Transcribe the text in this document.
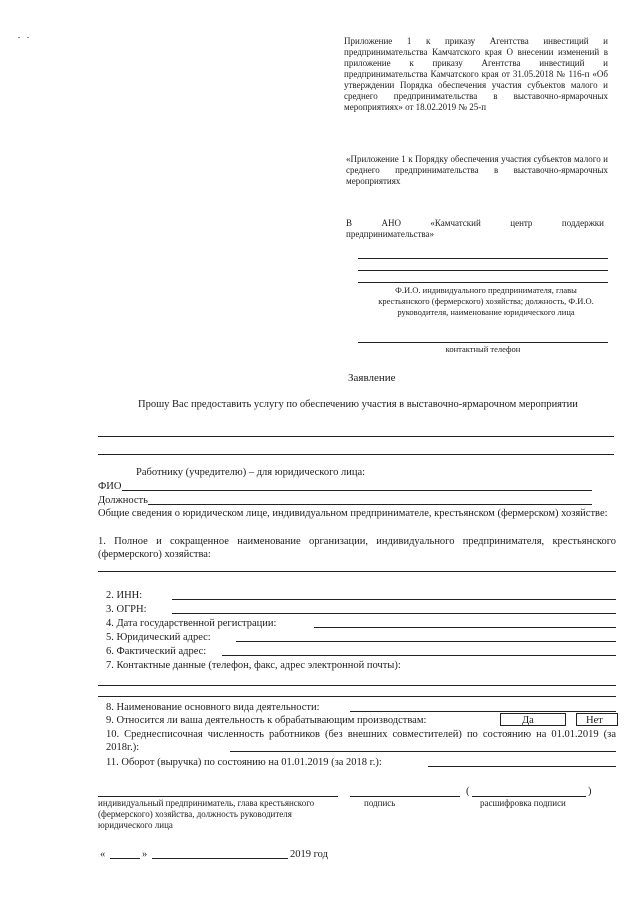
Приложение 1 к приказу Агентства инвестиций и предпринимательства Камчатского края О внесении изменений в приложение к приказу Агентства инвестиций и предпринимательства Камчатского края от 31.05.2018 № 116-п «Об утверждении Порядка обеспечения участия субъектов малого и среднего предпринимательства в выставочно-ярмарочных мероприятиях» от 18.02.2019 № 25-п
«Приложение 1 к Порядку обеспечения участия субъектов малого и среднего предпринимательства в выставочно-ярмарочных мероприятиях
В АНО «Камчатский центр поддержки предпринимательства»
Ф.И.О. индивидуального предпринимателя, главы крестьянского (фермерского) хозяйства; должность, Ф.И.О. руководителя, наименование юридического лица
контактный телефон
Заявление
Прошу Вас предоставить услугу по обеспечению участия в выставочно-ярмарочном мероприятии
Работнику (учредителю) – для юридического лица:
ФИО
Должность
Общие сведения о юридическом лице, индивидуальном предпринимателе, крестьянском (фермерском) хозяйстве:
1. Полное и сокращенное наименование организации, индивидуального предпринимателя, крестьянского (фермерского) хозяйства:
2. ИНН:
3. ОГРН:
4. Дата государственной регистрации:
5. Юридический адрес:
6. Фактический адрес:
7. Контактные данные (телефон, факс, адрес электронной почты):
8. Наименование основного вида деятельности:
9. Относится ли ваша деятельность к обрабатывающим производствам:	Да	Нет
10. Среднесписочная численность работников (без внешних совместителей) по состоянию на 01.01.2019 (за 2018г.):
11. Оборот (выручка) по состоянию на 01.01.2019 (за 2018 г.):
(	)
индивидуальный предприниматель, глава крестьянского (фермерского) хозяйства, должность руководителя юридического лица
подпись	расшифровка подписи
«	»	2019 год
